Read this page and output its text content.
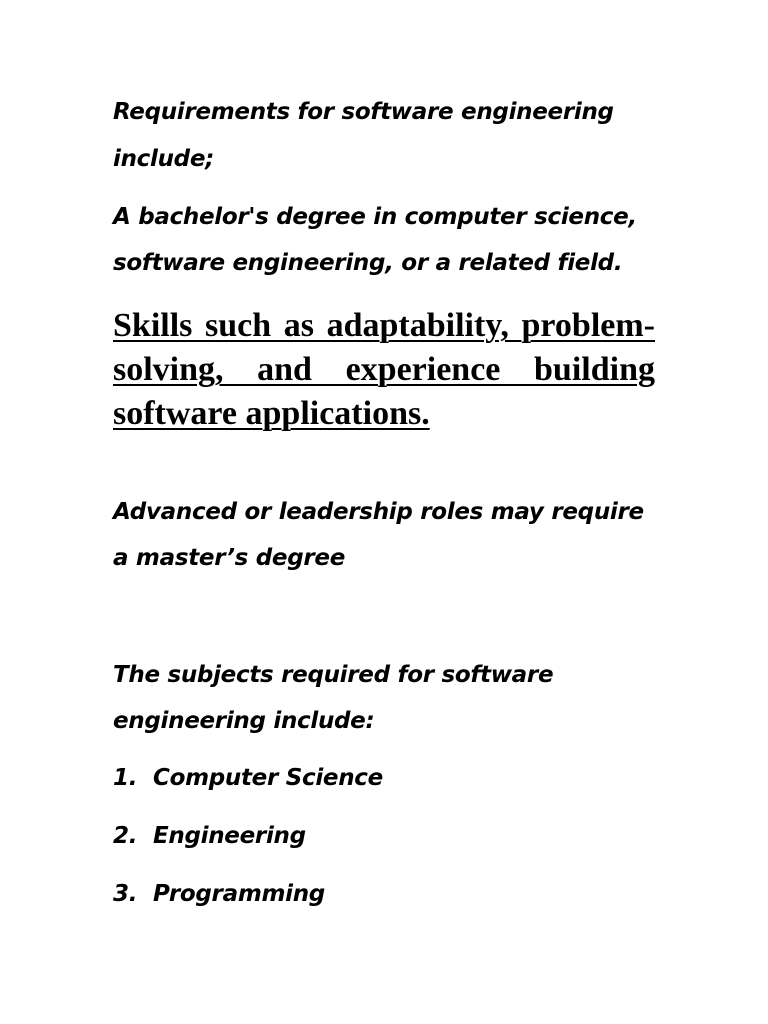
Requirements for software engineering
include;
A bachelor's degree in computer science,
software engineering, or a related field.
Skills such as adaptability, problem-solving, and experience building software applications.
Advanced or leadership roles may require
a master’s degree
The subjects required for software
engineering include:
1. Computer Science
2. Engineering
3. Programming
